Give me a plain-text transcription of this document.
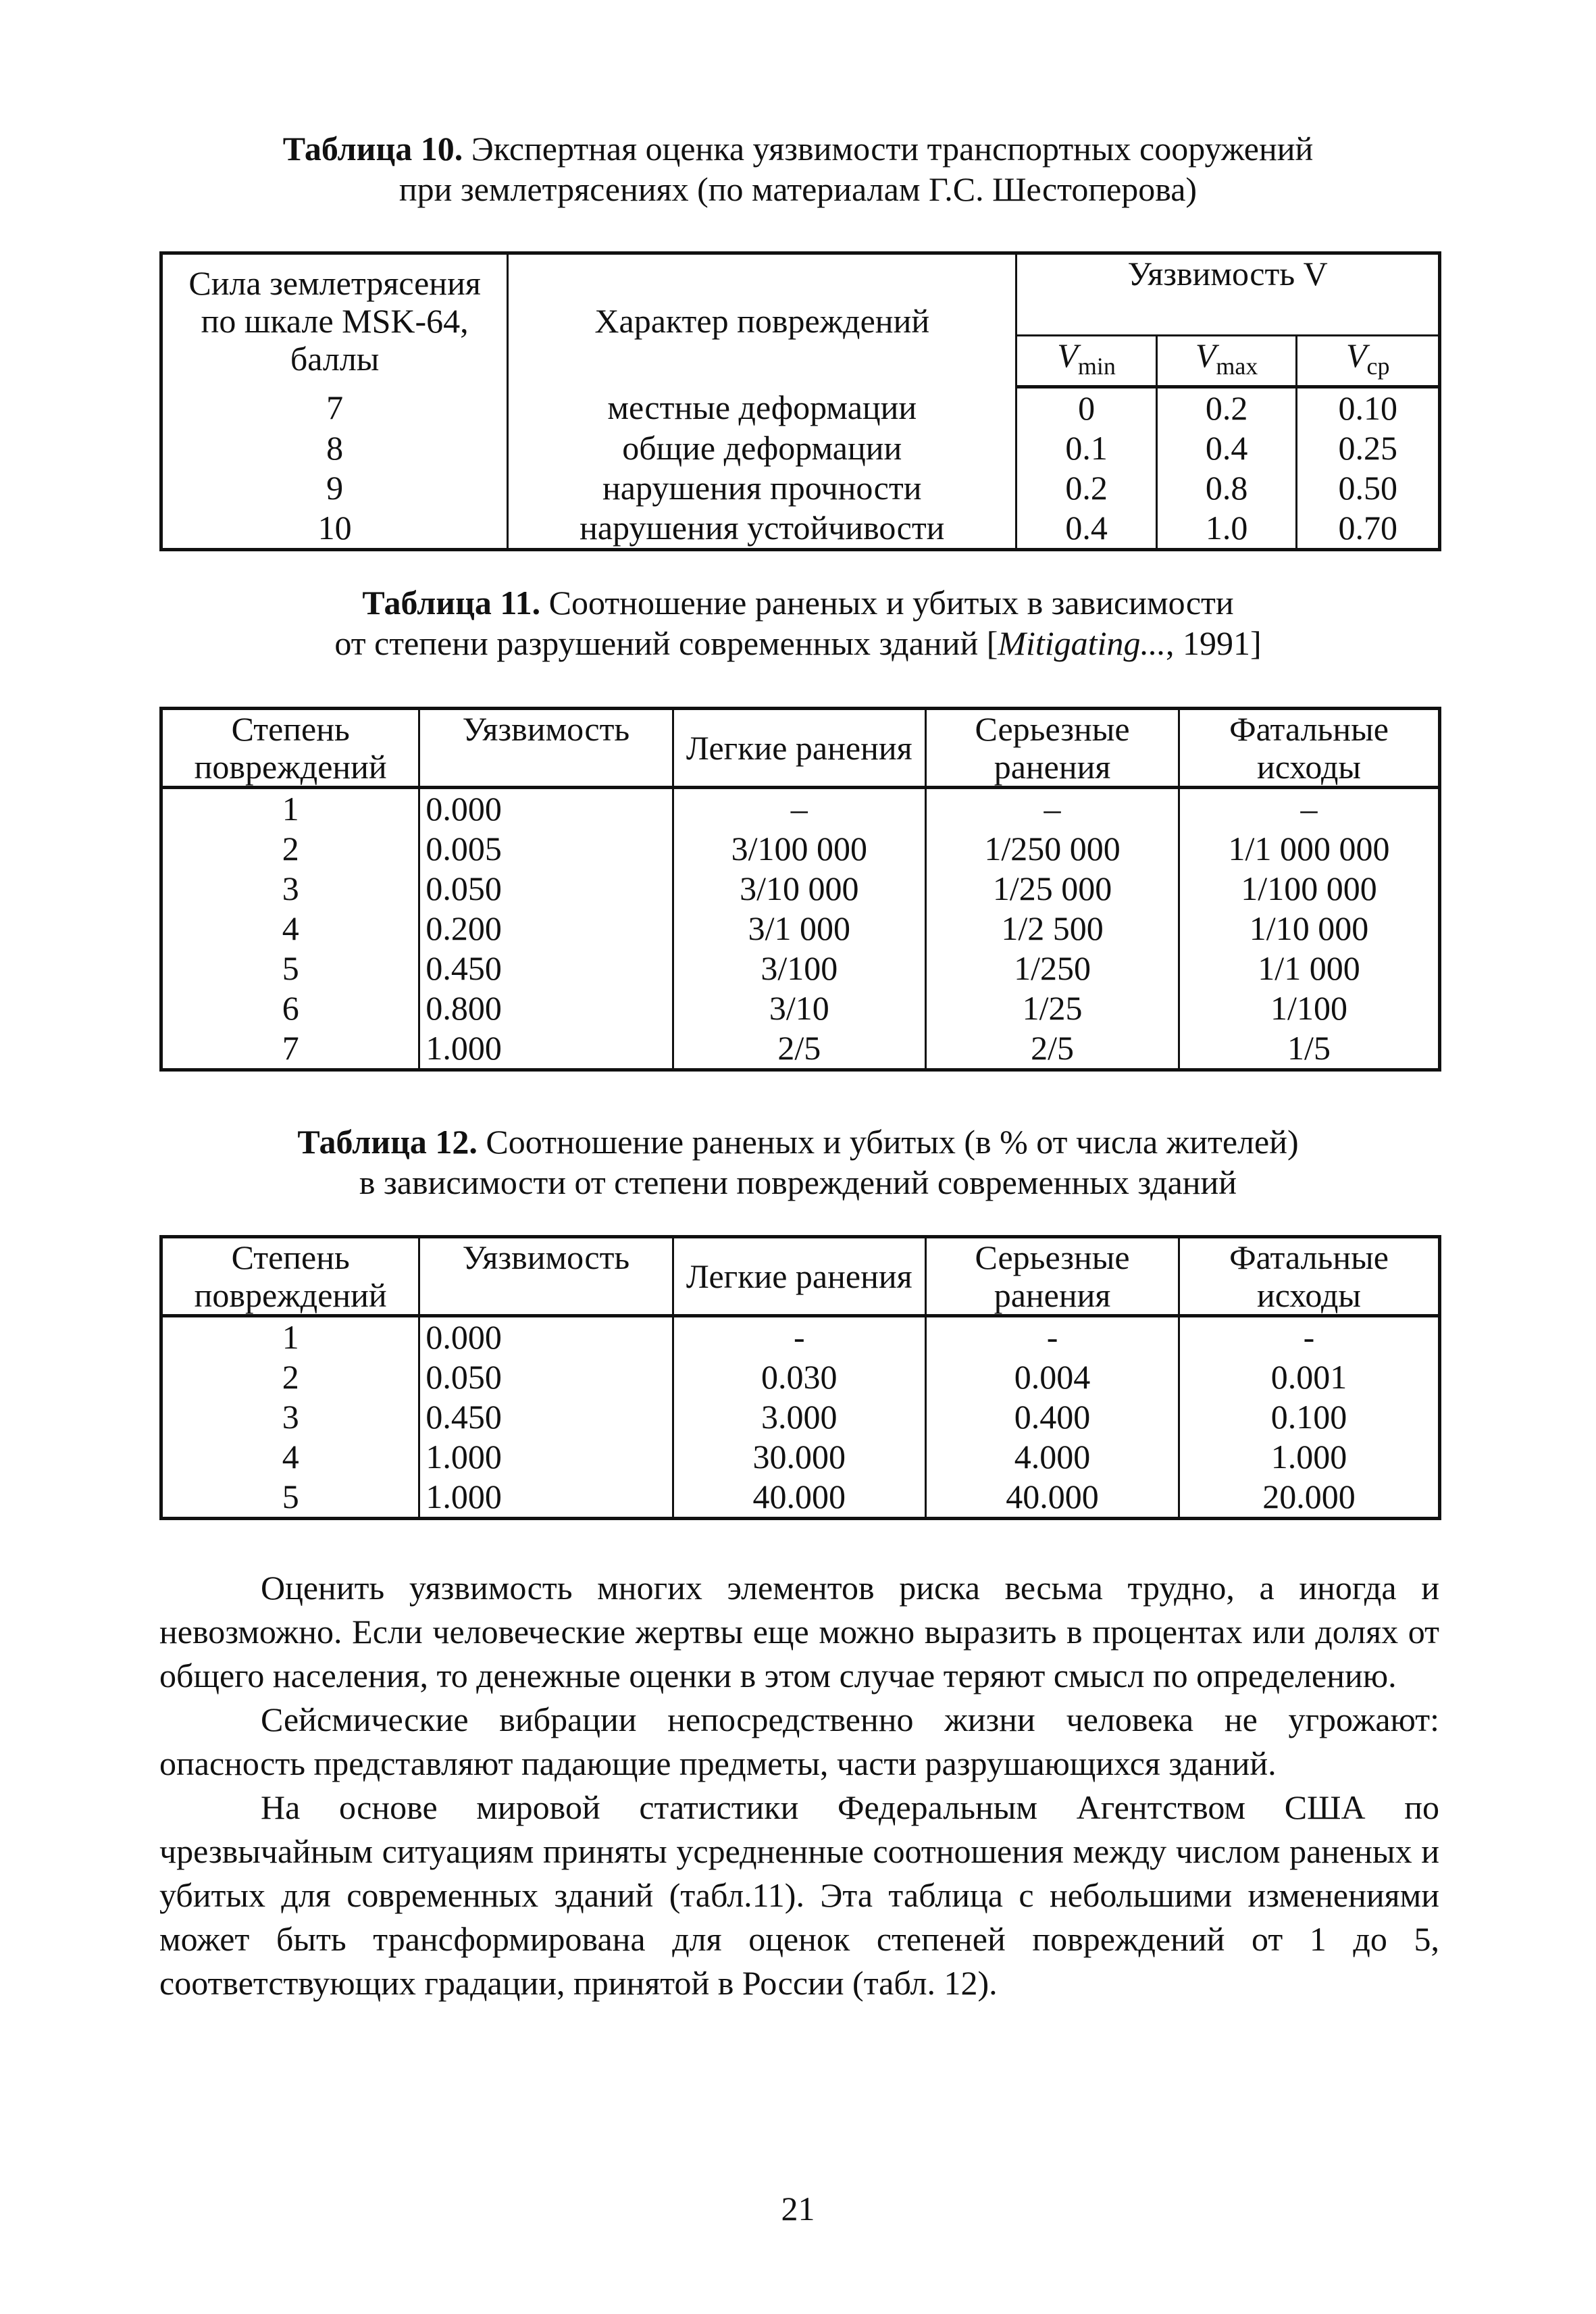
Таблица 10. Экспертная оценка уязвимости транспортных сооружений
при землетрясениях (по материалам Г.С. Шестоперова)
Сила землетрясения по шкале MSK-64, баллы	Характер повреждений	Уязвимость V		
		$V_{min}$	$V_{max}$	$V_{ср}$
7	местные деформации	0	0.2	0.10
8	общие деформации	0.1	0.4	0.25
9	нарушения прочности	0.2	0.8	0.50
10	нарушения устойчивости	0.4	1.0	0.70
Таблица 11. Соотношение раненых и убитых в зависимости
от степени разрушений современных зданий [Mitigating..., 1991]
Степень повреждений	Уязвимость	Легкие ранения	Серьезные ранения	Фатальные исходы
1	0.000	–	–	–
2	0.005	3/100 000	1/250 000	1/1 000 000
3	0.050	3/10 000	1/25 000	1/100 000
4	0.200	3/1 000	1/2 500	1/10 000
5	0.450	3/100	1/250	1/1 000
6	0.800	3/10	1/25	1/100
7	1.000	2/5	2/5	1/5
Таблица 12. Соотношение раненых и убитых (в % от числа жителей)
в зависимости от степени повреждений современных зданий
Степень повреждений	Уязвимость	Легкие ранения	Серьезные ранения	Фатальные исходы
1	0.000	-	-	-
2	0.050	0.030	0.004	0.001
3	0.450	3.000	0.400	0.100
4	1.000	30.000	4.000	1.000
5	1.000	40.000	40.000	20.000

Оценить уязвимость многих элементов риска весьма трудно, а иногда и невозможно. Если человеческие жертвы еще можно выразить в процентах или долях от общего населения, то денежные оценки в этом случае теряют смысл по определению.

Сейсмические вибрации непосредственно жизни человека не угрожают: опасность представляют падающие предметы, части разрушающихся зданий.

На основе мировой статистики Федеральным Агентством США по чрезвычайным ситуациям приняты усредненные соотношения между числом раненых и убитых для современных зданий (табл.11). Эта таблица с небольшими изменениями может быть трансформирована для оценок степеней повреждений от 1 до 5, соответствующих градации, принятой в России (табл. 12).

21
